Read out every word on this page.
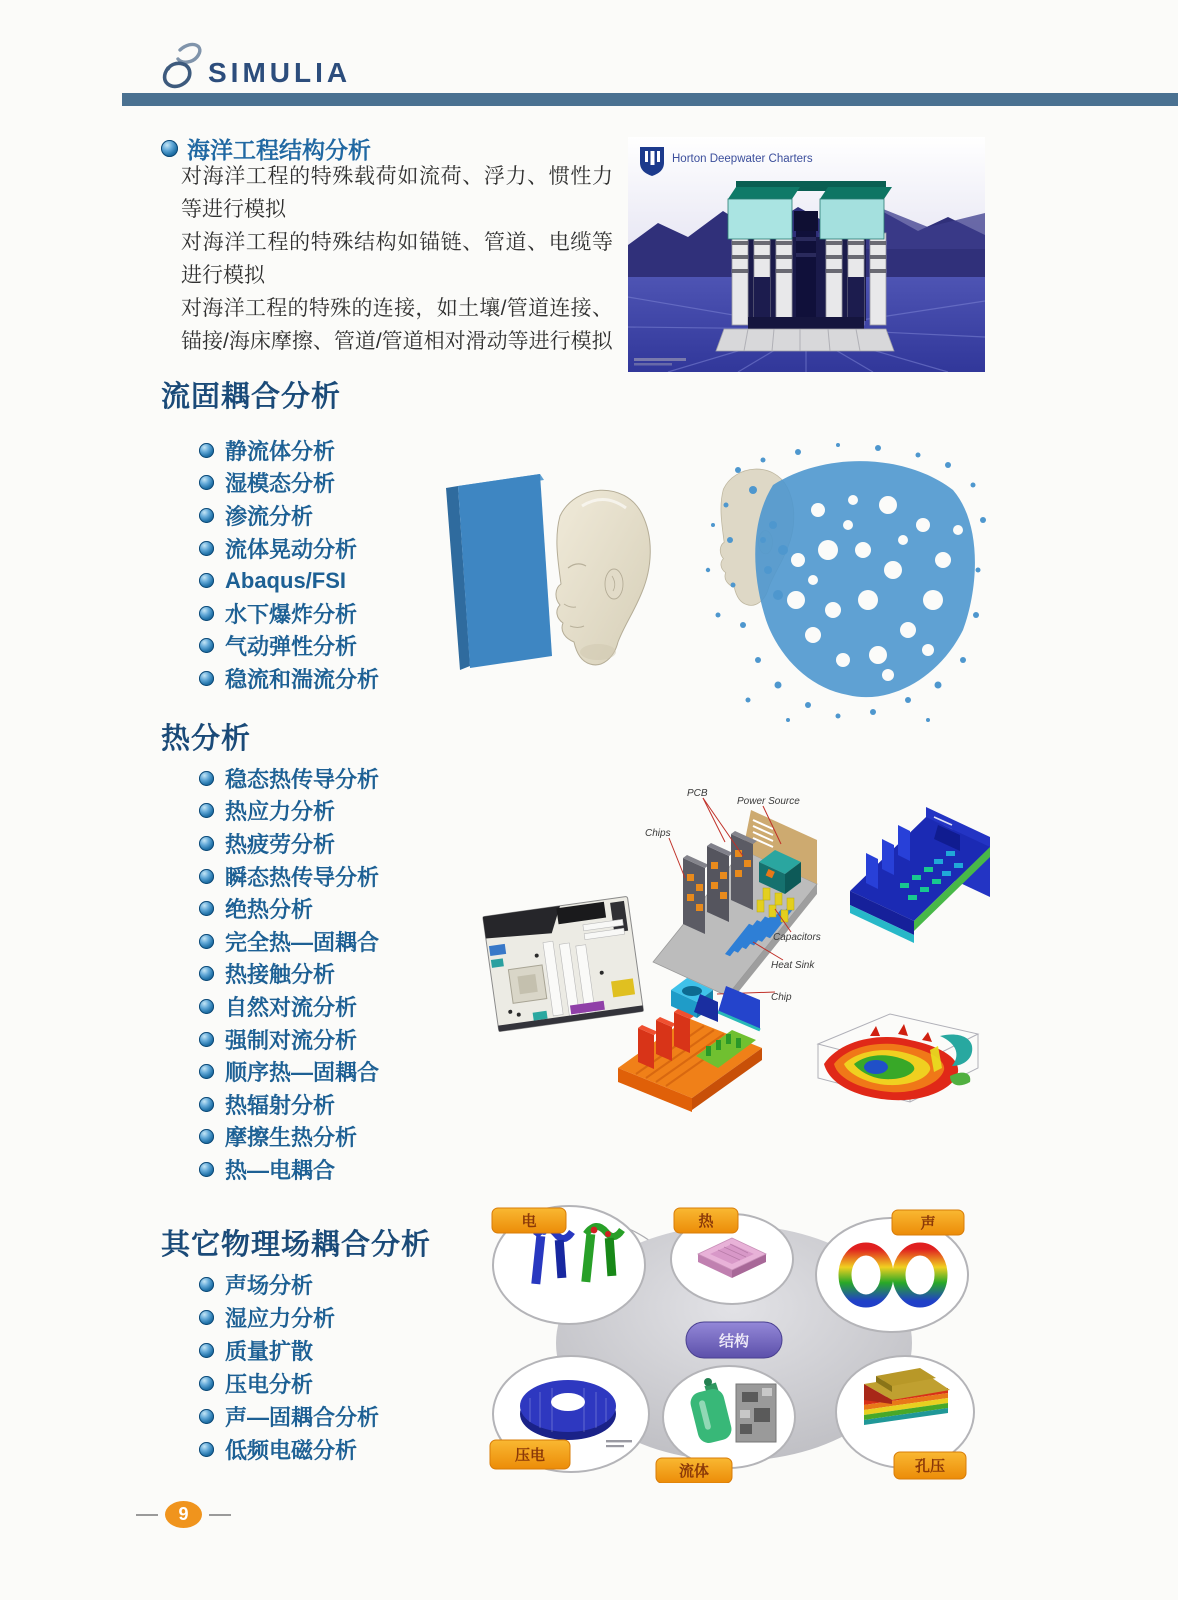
SIMULIA
海洋工程结构分析

对海洋工程的特殊载荷如流荷、浮力、惯性力等进行模拟

对海洋工程的特殊结构如锚链、管道、电缆等进行模拟

对海洋工程的特殊的连接，如土壤/管道连接、锚接/海床摩擦、管道/管道相对滑动等进行模拟

Horton Deepwater Charters
流固耦合分析
静流体分析
湿模态分析
渗流分析
流体晃动分析
Abaqus/FSI
水下爆炸分析
气动弹性分析
稳流和湍流分析
热分析
稳态热传导分析
热应力分析
热疲劳分析
瞬态热传导分析
绝热分析
完全热—固耦合
热接触分析
自然对流分析
强制对流分析
顺序热—固耦合
热辐射分析
摩擦生热分析
热—电耦合
PCB
Power Source
Chips
Capacitors
Heat Sink
Chip
其它物理场耦合分析
声场分析
湿应力分析
质量扩散
压电分析
声—固耦合分析
低频电磁分析
电	热	声
压电
流体	孔压
结构
9
